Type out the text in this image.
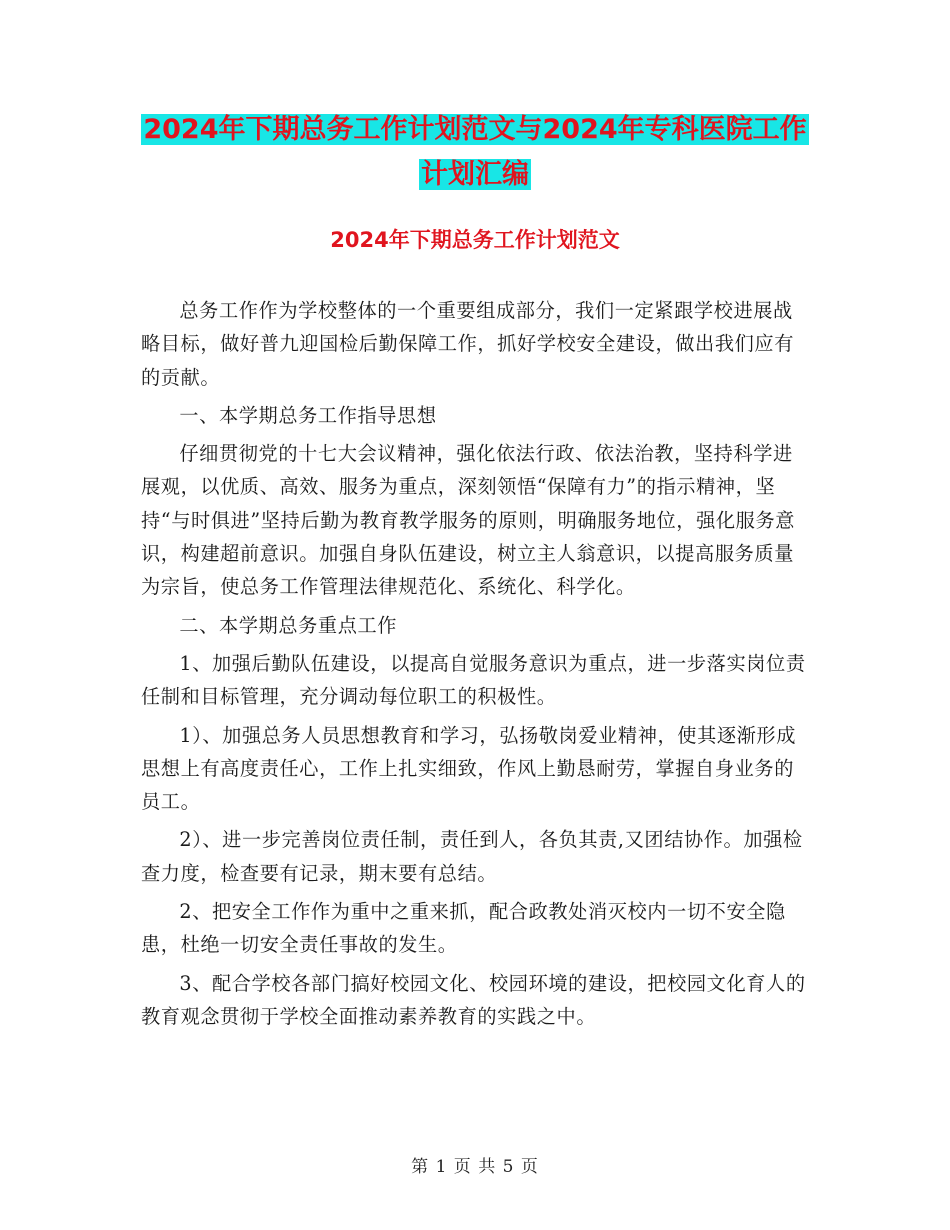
2024年下期总务工作计划范文与2024年专科医院工作
计划汇编
2024年下期总务工作计划范文

总务工作作为学校整体的一个重要组成部分，我们一定紧跟学校进展战略目标，做好普九迎国检后勤保障工作，抓好学校安全建设，做出我们应有的贡献。

一、本学期总务工作指导思想

仔细贯彻党的十七大会议精神，强化依法行政、依法治教，坚持科学进展观，以优质、高效、服务为重点，深刻领悟“保障有力”的指示精神，坚持“与时俱进”坚持后勤为教育教学服务的原则，明确服务地位，强化服务意识，构建超前意识。加强自身队伍建设，树立主人翁意识，以提高服务质量为宗旨，使总务工作管理法律规范化、系统化、科学化。

二、本学期总务重点工作

1、加强后勤队伍建设，以提高自觉服务意识为重点，进一步落实岗位责任制和目标管理，充分调动每位职工的积极性。

1）、加强总务人员思想教育和学习，弘扬敬岗爱业精神，使其逐渐形成思想上有高度责任心，工作上扎实细致，作风上勤恳耐劳，掌握自身业务的员工。

2）、进一步完善岗位责任制，责任到人，各负其责,又团结协作。加强检查力度，检查要有记录，期末要有总结。

2、把安全工作作为重中之重来抓，配合政教处消灭校内一切不安全隐患，杜绝一切安全责任事故的发生。

3、配合学校各部门搞好校园文化、校园环境的建设，把校园文化育人的教育观念贯彻于学校全面推动素养教育的实践之中。

第 1 页 共 5 页
